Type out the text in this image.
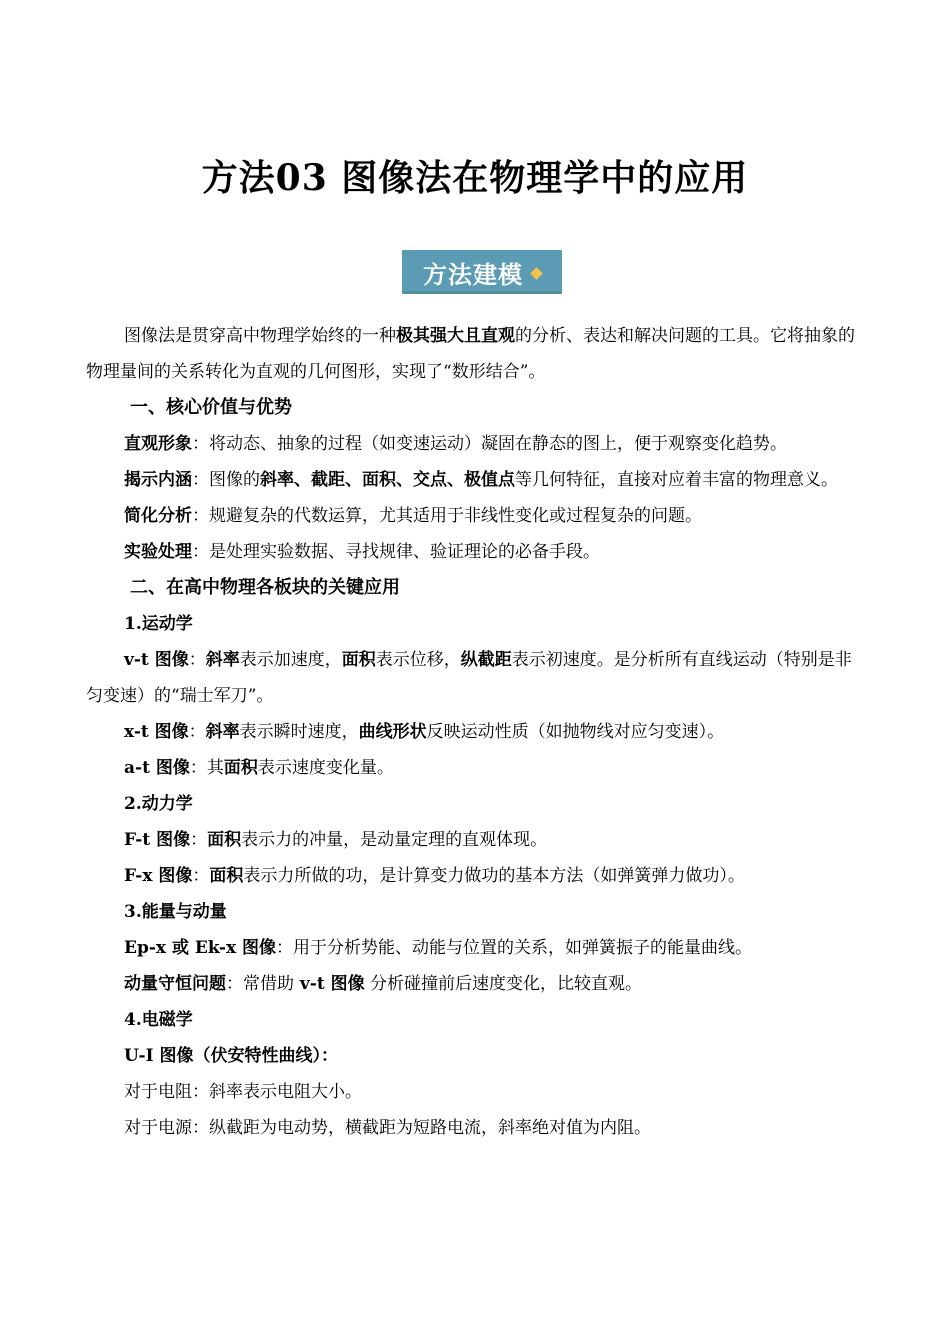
方法03 图像法在物理学中的应用
方法建模

图像法是贯穿高中物理学始终的一种极其强大且直观的分析、表达和解决问题的工具。它将抽象的物理量间的关系转化为直观的几何图形，实现了“数形结合”。

一、核心价值与优势

直观形象：将动态、抽象的过程（如变速运动）凝固在静态的图上，便于观察变化趋势。

揭示内涵：图像的斜率、截距、面积、交点、极值点等几何特征，直接对应着丰富的物理意义。

简化分析：规避复杂的代数运算，尤其适用于非线性变化或过程复杂的问题。

实验处理：是处理实验数据、寻找规律、验证理论的必备手段。

二、在高中物理各板块的关键应用

1.运动学

v-t 图像：斜率表示加速度，面积表示位移，纵截距表示初速度。是分析所有直线运动（特别是非匀变速）的“瑞士军刀”。

x-t 图像：斜率表示瞬时速度，曲线形状反映运动性质（如抛物线对应匀变速）。

a-t 图像：其面积表示速度变化量。

2.动力学

F-t 图像：面积表示力的冲量，是动量定理的直观体现。

F-x 图像：面积表示力所做的功，是计算变力做功的基本方法（如弹簧弹力做功）。

3.能量与动量

Ep-x 或 Ek-x 图像：用于分析势能、动能与位置的关系，如弹簧振子的能量曲线。

动量守恒问题：常借助 v-t 图像 分析碰撞前后速度变化，比较直观。

4.电磁学

U-I 图像（伏安特性曲线）：

对于电阻：斜率表示电阻大小。

对于电源：纵截距为电动势，横截距为短路电流，斜率绝对值为内阻。
